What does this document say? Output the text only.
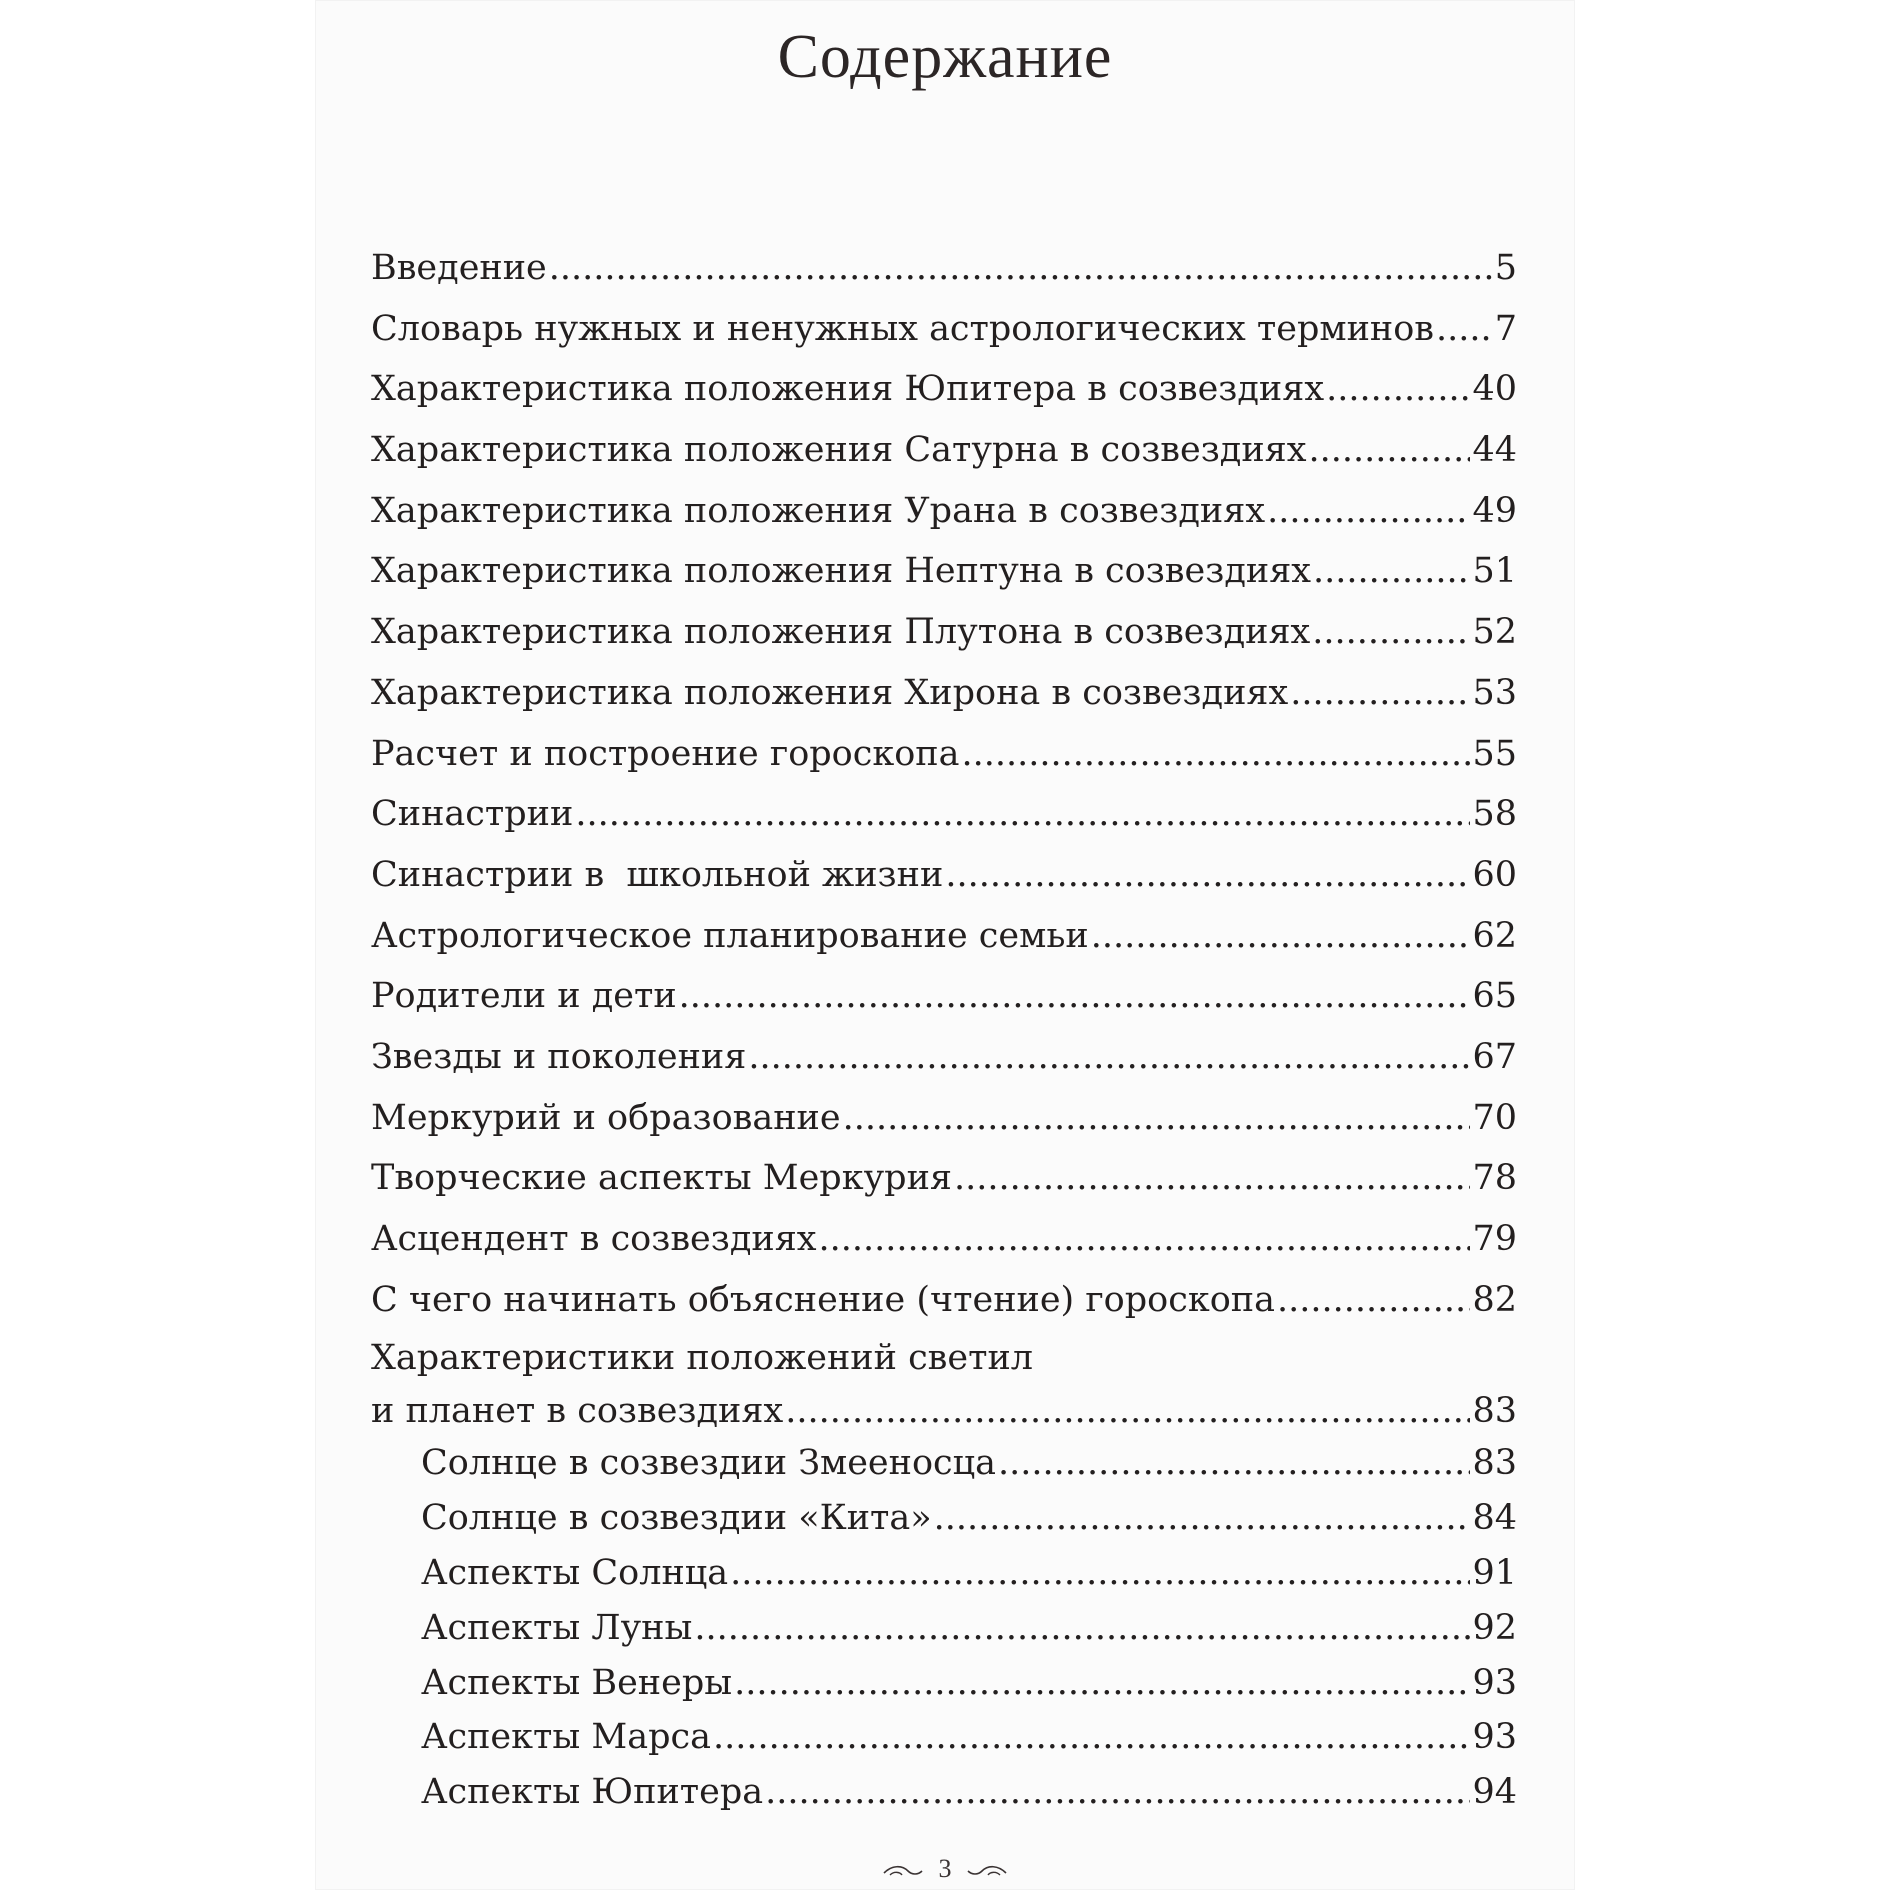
Содержание
Введение .....	5
Словарь нужных и ненужных астрологических терминов ..... 7
Характеристика положения Юпитера в созвездиях .....	40
Характеристика положения Сатурна в созвездиях .....	44
Характеристика положения Урана в созвездиях .....	49
Характеристика положения Нептуна в созвездиях .....	51
Характеристика положения Плутона в созвездиях .....	52
Характеристика положения Хирона в созвездиях .....	53
Расчет и построение гороскопа .....	55
Синастрии .....	58
Синастрии в  школьной жизни .....	60
Астрологическое планирование семьи .....	62
Родители и дети .....	65
Звезды и поколения .....	67
Меркурий и образование .....	70
Творческие аспекты Меркурия .....	78
Асцендент в созвездиях .....	79
С чего начинать объяснение (чтение) гороскопа .....	82
Характеристики положений светил
и планет в созвездиях .....	83
Солнце в созвездии Змееносца .....	83
Солнце в созвездии «Кита» .....	84
Аспекты Солнца .....	91
Аспекты Луны .....	92
Аспекты Венеры .....	93
Аспекты Марса .....	93
Аспекты Юпитера .....	94
3
